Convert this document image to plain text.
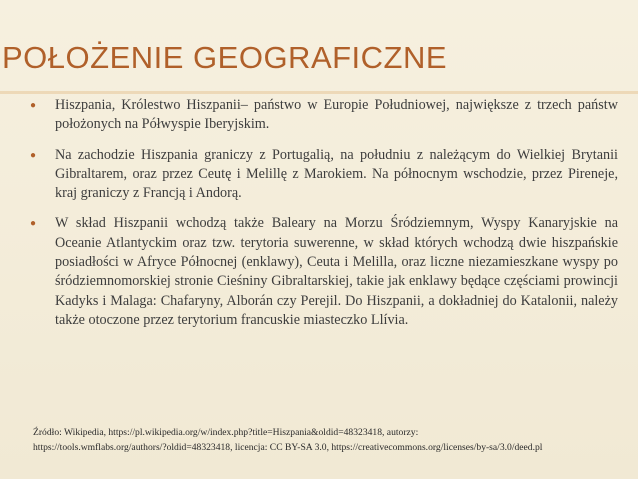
POŁOŻENIE GEOGRAFICZNE

●	Hiszpania, Królestwo Hiszpanii– państwo w Europie Południowej, największe z trzech państw położonych na Półwyspie Iberyjskim.

●	Na zachodzie Hiszpania graniczy z Portugalią, na południu z należącym do Wielkiej Brytanii Gibraltarem, oraz przez Ceutę i Melillę z Marokiem. Na północnym wschodzie, przez Pireneje, kraj graniczy z Francją i Andorą.

●	W skład Hiszpanii wchodzą także Baleary na Morzu Śródziemnym, Wyspy Kanaryjskie na Oceanie Atlantyckim oraz tzw. terytoria suwerenne, w skład których wchodzą dwie hiszpańskie posiadłości w Afryce Północnej (enklawy), Ceuta i Melilla, oraz liczne niezamieszkane wyspy po śródziemnomorskiej stronie Cieśniny Gibraltarskiej, takie jak enklawy będące częściami prowincji Kadyks i Malaga: Chafaryny, Alborán czy Perejil. Do Hiszpanii, a dokładniej do Katalonii, należy także otoczone przez terytorium francuskie miasteczko Llívia.

Źródło: Wikipedia, https://pl.wikipedia.org/w/index.php?title=Hiszpania&oldid=48323418, autorzy:

https://tools.wmflabs.org/authors/?oldid=48323418, licencja: CC BY-SA 3.0, https://creativecommons.org/licenses/by-sa/3.0/deed.pl
